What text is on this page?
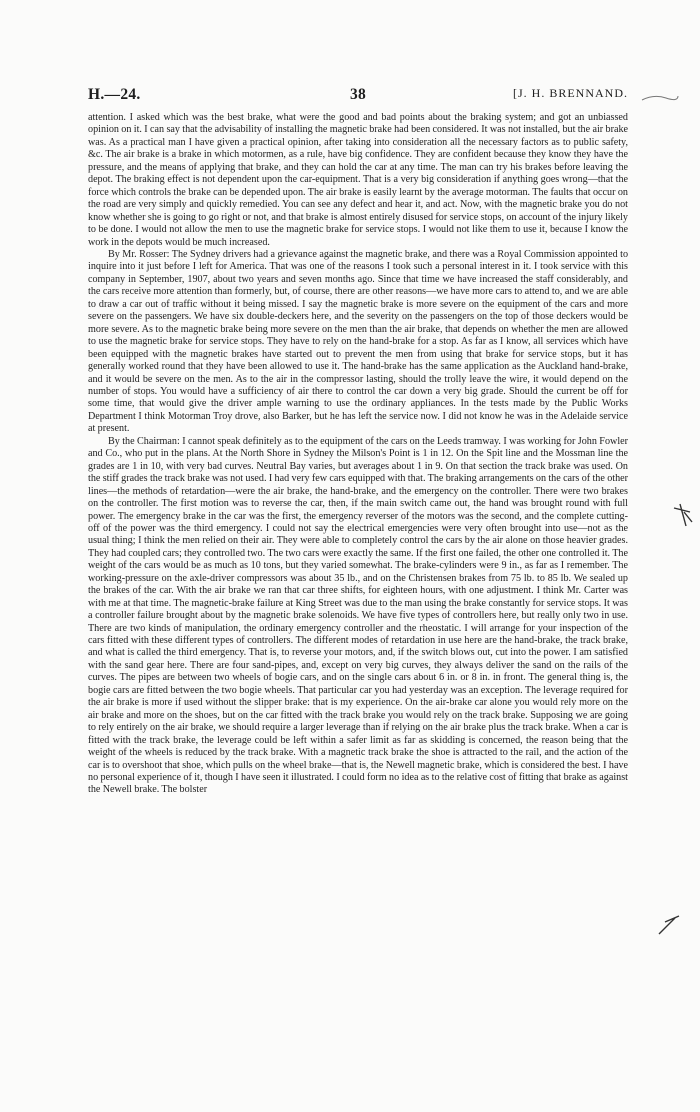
H.—24.	38	[J. H. BRENNAND.

attention. I asked which was the best brake, what were the good and bad points about the braking system; and got an unbiassed opinion on it. I can say that the advisability of installing the magnetic brake had been considered. It was not installed, but the air brake was. As a practical man I have given a practical opinion, after taking into consideration all the necessary factors as to public safety, &c. The air brake is a brake in which motormen, as a rule, have big confidence. They are confident because they know they have the pressure, and the means of applying that brake, and they can hold the car at any time. The man can try his brakes before leaving the depot. The braking effect is not dependent upon the car-equipment. That is a very big consideration if anything goes wrong—that the force which controls the brake can be depended upon. The air brake is easily learnt by the average motorman. The faults that occur on the road are very simply and quickly remedied. You can see any defect and hear it, and act. Now, with the magnetic brake you do not know whether she is going to go right or not, and that brake is almost entirely disused for service stops, on account of the injury likely to be done. I would not allow the men to use the magnetic brake for service stops. I would not like them to use it, because I know the work in the depots would be much increased.

By Mr. Rosser: The Sydney drivers had a grievance against the magnetic brake, and there was a Royal Commission appointed to inquire into it just before I left for America. That was one of the reasons I took such a personal interest in it. I took service with this company in September, 1907, about two years and seven months ago. Since that time we have increased the staff considerably, and the cars receive more attention than formerly, but, of course, there are other reasons—we have more cars to attend to, and we are able to draw a car out of traffic without it being missed. I say the magnetic brake is more severe on the equipment of the cars and more severe on the passengers. We have six double-deckers here, and the severity on the passengers on the top of those deckers would be more severe. As to the magnetic brake being more severe on the men than the air brake, that depends on whether the men are allowed to use the magnetic brake for service stops. They have to rely on the hand-brake for a stop. As far as I know, all services which have been equipped with the magnetic brakes have started out to prevent the men from using that brake for service stops, but it has generally worked round that they have been allowed to use it. The hand-brake has the same application as the Auckland hand-brake, and it would be severe on the men. As to the air in the compressor lasting, should the trolly leave the wire, it would depend on the number of stops. You would have a sufficiency of air there to control the car down a very big grade. Should the current be off for some time, that would give the driver ample warning to use the ordinary appliances. In the tests made by the Public Works Department I think Motorman Troy drove, also Barker, but he has left the service now. I did not know he was in the Adelaide service at present.

By the Chairman: I cannot speak definitely as to the equipment of the cars on the Leeds tramway. I was working for John Fowler and Co., who put in the plans. At the North Shore in Sydney the Milson's Point is 1 in 12. On the Spit line and the Mossman line the grades are 1 in 10, with very bad curves. Neutral Bay varies, but averages about 1 in 9. On that section the track brake was used. On the stiff grades the track brake was not used. I had very few cars equipped with that. The braking arrangements on the cars of the other lines—the methods of retardation—were the air brake, the hand-brake, and the emergency on the controller. There were two brakes on the controller. The first motion was to reverse the car, then, if the main switch came out, the hand was brought round with full power. The emergency brake in the car was the first, the emergency reverser of the motors was the second, and the complete cutting-off of the power was the third emergency. I could not say the electrical emergencies were very often brought into use—not as the usual thing; I think the men relied on their air. They were able to completely control the cars by the air alone on those heavier grades. They had coupled cars; they controlled two. The two cars were exactly the same. If the first one failed, the other one controlled it. The weight of the cars would be as much as 10 tons, but they varied somewhat. The brake-cylinders were 9 in., as far as I remember. The working-pressure on the axle-driver compressors was about 35 lb., and on the Christensen brakes from 75 lb. to 85 lb. We sealed up the brakes of the car. With the air brake we ran that car three shifts, for eighteen hours, with one adjustment. I think Mr. Carter was with me at that time. The magnetic-brake failure at King Street was due to the man using the brake constantly for service stops. It was a controller failure brought about by the magnetic brake solenoids. We have five types of controllers here, but really only two in use. There are two kinds of manipulation, the ordinary emergency controller and the rheostatic. I will arrange for your inspection of the cars fitted with these different types of controllers. The different modes of retardation in use here are the hand-brake, the track brake, and what is called the third emergency. That is, to reverse your motors, and, if the switch blows out, cut into the power. I am satisfied with the sand gear here. There are four sand-pipes, and, except on very big curves, they always deliver the sand on the rails of the curves. The pipes are between two wheels of bogie cars, and on the single cars about 6 in. or 8 in. in front. The general thing is, the bogie cars are fitted between the two bogie wheels. That particular car you had yesterday was an exception. The leverage required for the air brake is more if used without the slipper brake: that is my experience. On the air-brake car alone you would rely more on the air brake and more on the shoes, but on the car fitted with the track brake you would rely on the track brake. Supposing we are going to rely entirely on the air brake, we should require a larger leverage than if relying on the air brake plus the track brake. When a car is fitted with the track brake, the leverage could be left within a safer limit as far as skidding is concerned, the reason being that the weight of the wheels is reduced by the track brake. With a magnetic track brake the shoe is attracted to the rail, and the action of the car is to overshoot that shoe, which pulls on the wheel brake—that is, the Newell magnetic brake, which is considered the best. I have no personal experience of it, though I have seen it illustrated. I could form no idea as to the relative cost of fitting that brake as against the Newell brake. The bolster
